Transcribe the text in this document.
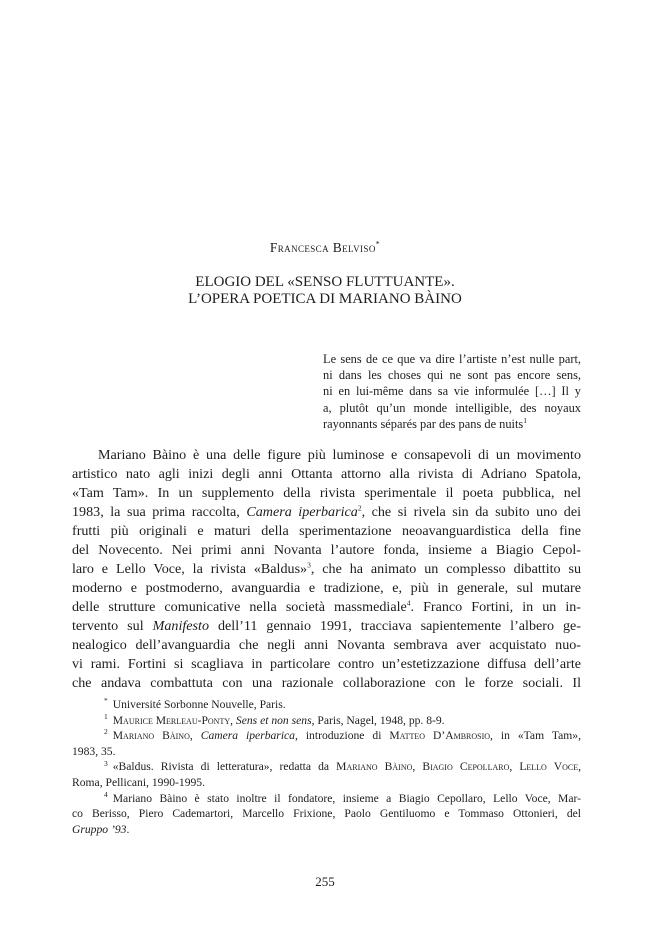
Francesca Belviso*
ELOGIO DEL «SENSO FLUTTUANTE».
L’OPERA POETICA DI MARIANO BÀINO
Le sens de ce que va dire l’artiste n’est nulle part,
ni dans les choses qui ne sont pas encore sens,
ni en lui-même dans sa vie informulée […] Il y
a, plutôt qu’un monde intelligible, des noyaux
rayonnants séparés par des pans de nuits$^1$
Mariano Bàino è una delle figure più luminose e consapevoli di un movimento
artistico nato agli inizi degli anni Ottanta attorno alla rivista di Adriano Spatola,
«Tam Tam». In un supplemento della rivista sperimentale il poeta pubblica, nel
1983, la sua prima raccolta, Camera iperbarica$^2$, che si rivela sin da subito uno dei
frutti più originali e maturi della sperimentazione neoavanguardistica della fine
del Novecento. Nei primi anni Novanta l’autore fonda, insieme a Biagio Cepol-
laro e Lello Voce, la rivista «Baldus»$^3$, che ha animato un complesso dibattito su
moderno e postmoderno, avanguardia e tradizione, e, più in generale, sul mutare
delle strutture comunicative nella società massmediale$^4$. Franco Fortini, in un in-
tervento sul Manifesto dell’11 gennaio 1991, tracciava sapientemente l’albero ge-
nealogico dell’avanguardia che negli anni Novanta sembrava aver acquistato nuo-
vi rami. Fortini si scagliava in particolare contro un’estetizzazione diffusa dell’arte
che andava combattuta con una razionale collaborazione con le forze sociali. Il
* Université Sorbonne Nouvelle, Paris.
$^1$ Maurice Merleau-Ponty, Sens et non sens, Paris, Nagel, 1948, pp. 8-9.
$^2$ Mariano Bàino, Camera iperbarica, introduzione di Matteo D’Ambrosio, in «Tam Tam»,
1983, 35.
$^3$ «Baldus. Rivista di letteratura», redatta da Mariano Bàino, Biagio Cepollaro, Lello Voce,
Roma, Pellicani, 1990-1995.
$^4$ Mariano Bàino è stato inoltre il fondatore, insieme a Biagio Cepollaro, Lello Voce, Mar-
co Berisso, Piero Cademartori, Marcello Frixione, Paolo Gentiluomo e Tommaso Ottonieri, del
Gruppo ’93.
255
